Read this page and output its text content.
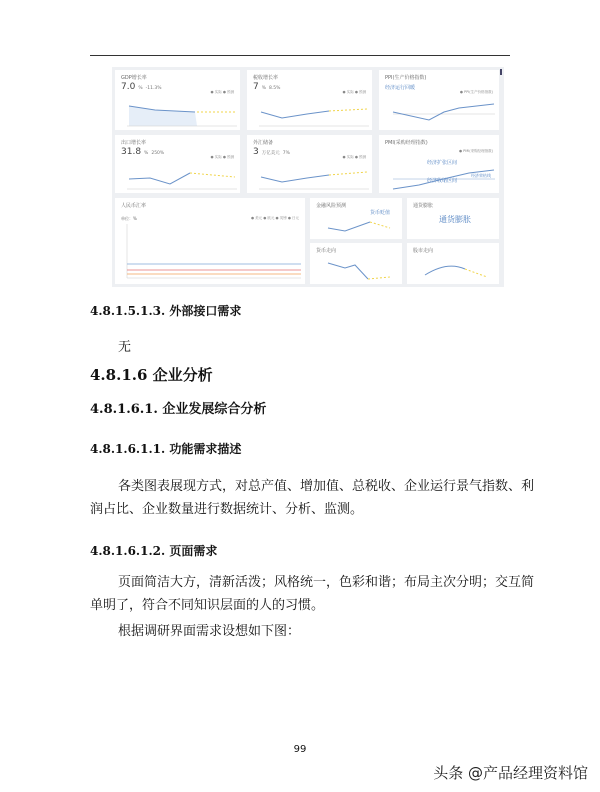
GDP增长率
7.0 % -11.3%
● 实际 ● 预测
税收增长率
7 % 8.5%
● 实际 ● 预测
PPI(生产价格指数)
经济运行回暖
● PPI(生产价格指数)
出口增长率
31.8 % 250%
● 实际 ● 预测
外汇储备
3 万亿美元 7%
● 实际 ● 预测
PMI(采购经理指数)
● PMI(采购经理指数)
经济扩张区间
经济收缩区间
经济荣枯线
人民币汇率
单位：%	● 美元 ● 欧元 ● 英镑 ● 日元
金融风险预测
货币贬值
通货膨胀
通货膨胀
货币走向	股市走向
4.8.1.5.1.3. 外部接口需求
无
4.8.1.6 企业分析
4.8.1.6.1. 企业发展综合分析
4.8.1.6.1.1. 功能需求描述
各类图表展现方式，对总产值、增加值、总税收、企业运行景气指数、利
润占比、企业数量进行数据统计、分析、监测。
4.8.1.6.1.2. 页面需求
页面简洁大方，清新活泼；风格统一，色彩和谐；布局主次分明；交互简
单明了，符合不同知识层面的人的习惯。
根据调研界面需求设想如下图：
99
头条 @产品经理资料馆
